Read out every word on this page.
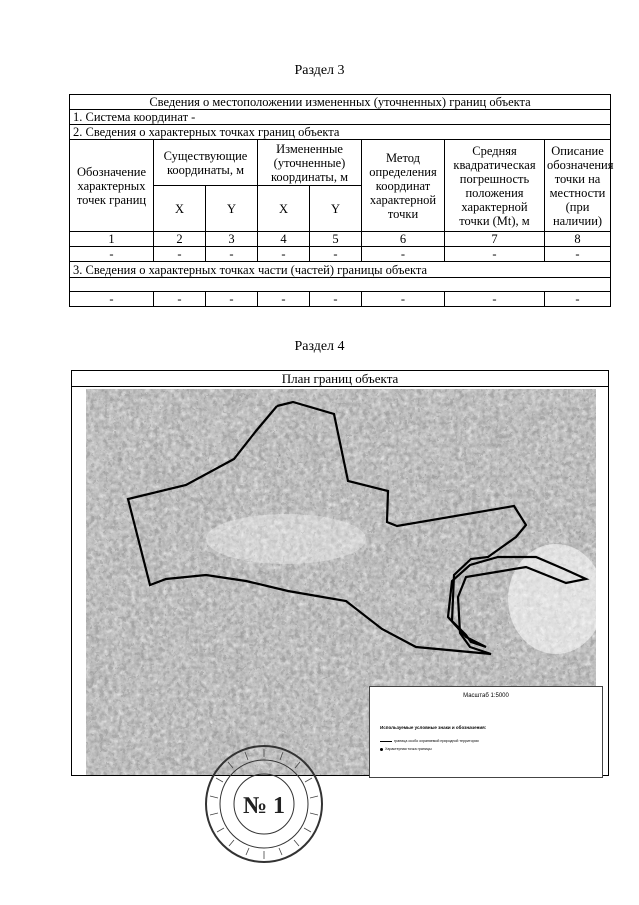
Раздел 3
Сведения о местоположении измененных (уточненных) границ объекта							
1. Система координат -							
2. Сведения о характерных точках границ объекта							
Обозначение характерных точек границ	Существующие координаты, м		Измененные (уточненные) координаты, м		Метод определения координат характерной точки	Средняя квадратическая погрешность положения характерной точки (Mt), м	Описание обозначения точки на местности (при наличии)
	X	Y	X	Y			
1	2	3	4	5	6	7	8
-	-	-	-	-	-	-	-
3. Сведения о характерных точках части (частей) границы объекта							

-	-	-	-	-	-	-	-
Раздел 4
План границ объекта
Масштаб 1:5000
Используемые условные знаки и обозначения:
граница особо охраняемой природной территории
Характерная точка границы
№ 1
